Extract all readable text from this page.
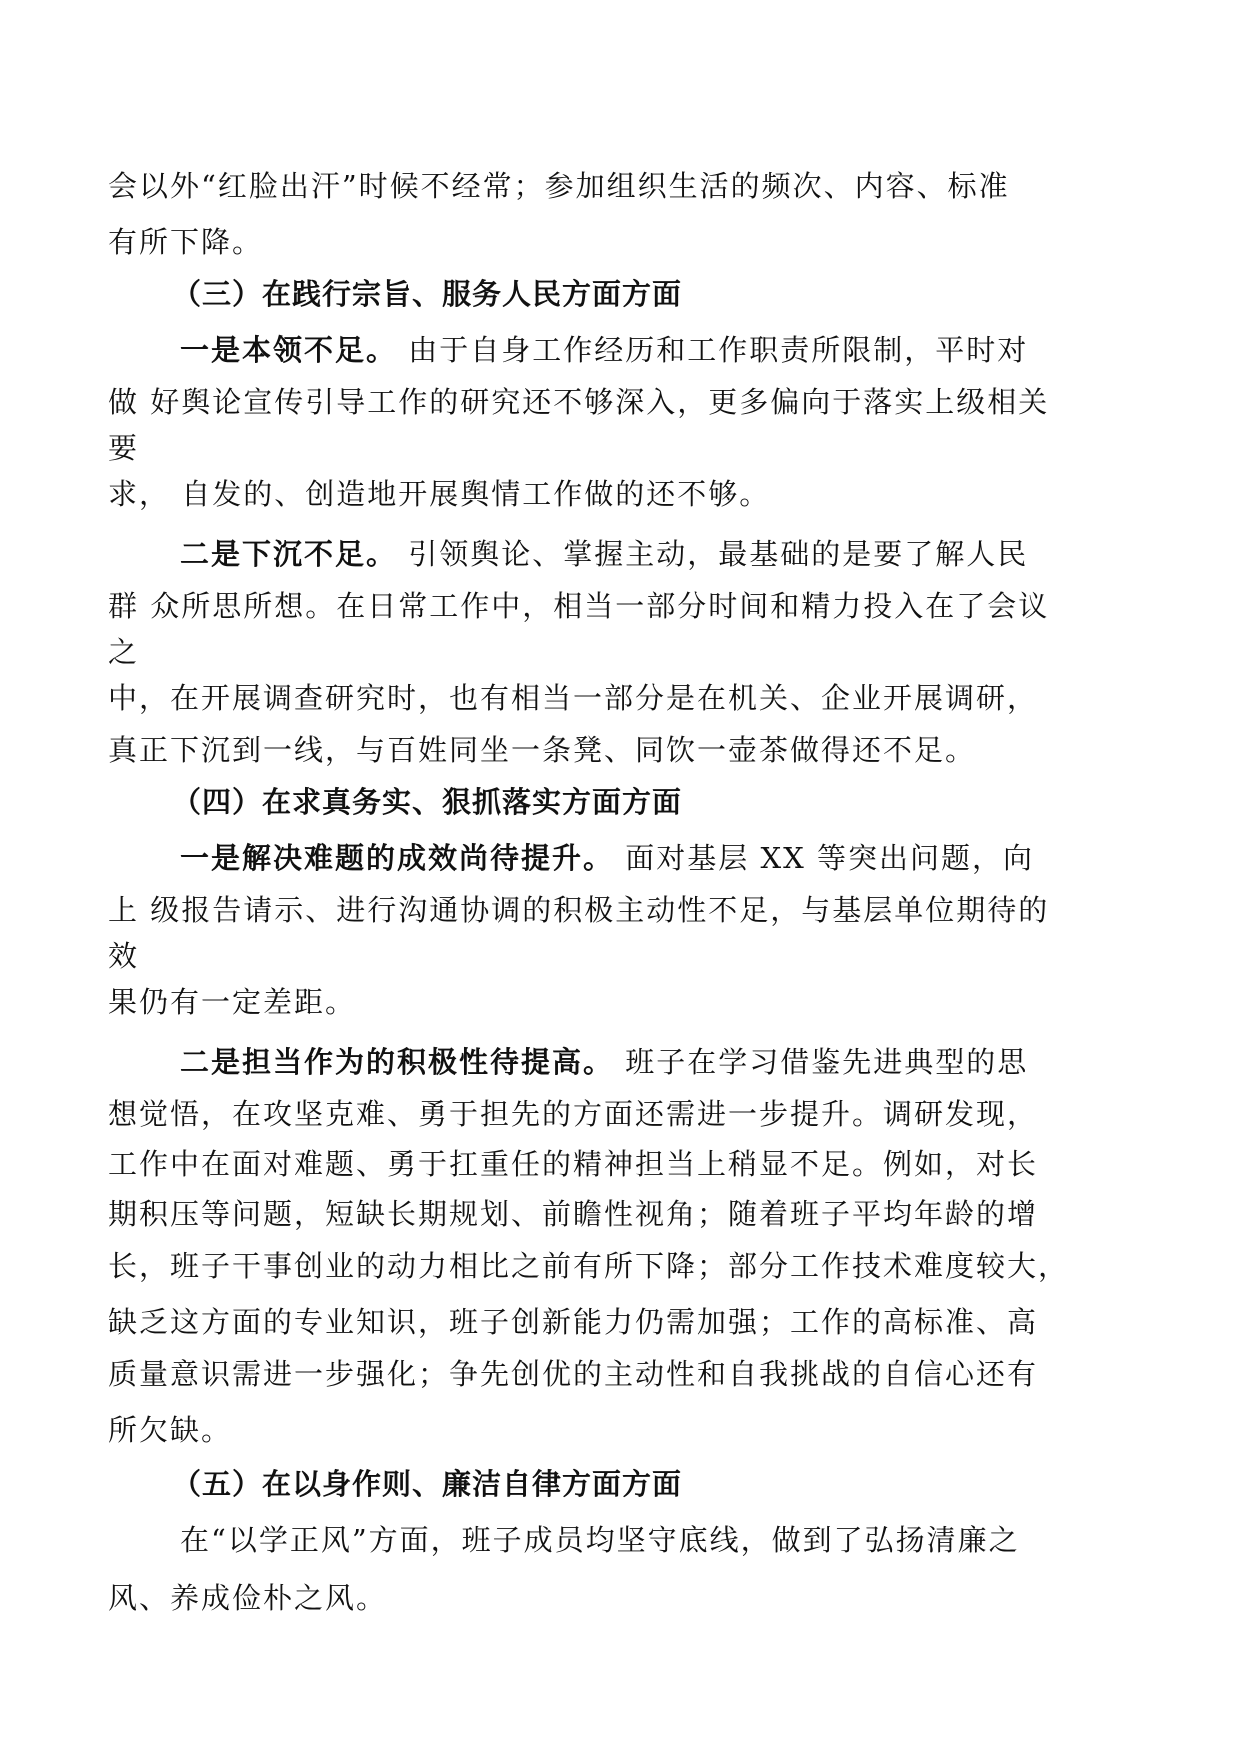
会以外“红脸出汗”时候不经常；参加组织生活的频次、内容、标准

有所下降。

（三）在践行宗旨、服务人民方面方面

一是本领不足。 由于自身工作经历和工作职责所限制，平时对

做 好舆论宣传引导工作的研究还不够深入，更多偏向于落实上级相关

要

求， 自发的、创造地开展舆情工作做的还不够。

二是下沉不足。 引领舆论、掌握主动，最基础的是要了解人民

群 众所思所想。在日常工作中，相当一部分时间和精力投入在了会议

之

中，在开展调查研究时，也有相当一部分是在机关、企业开展调研，

真正下沉到一线，与百姓同坐一条凳、同饮一壶茶做得还不足。

（四）在求真务实、狠抓落实方面方面

一是解决难题的成效尚待提升。 面对基层 XX 等突出问题，向

上 级报告请示、进行沟通协调的积极主动性不足，与基层单位期待的

效

果仍有一定差距。

二是担当作为的积极性待提高。 班子在学习借鉴先进典型的思

想觉悟，在攻坚克难、勇于担先的方面还需进一步提升。调研发现，

工作中在面对难题、勇于扛重任的精神担当上稍显不足。例如，对长

期积压等问题，短缺长期规划、前瞻性视角；随着班子平均年龄的增

长，班子干事创业的动力相比之前有所下降；部分工作技术难度较大，

缺乏这方面的专业知识，班子创新能力仍需加强；工作的高标准、高

质量意识需进一步强化；争先创优的主动性和自我挑战的自信心还有

所欠缺。

（五）在以身作则、廉洁自律方面方面

在“以学正风”方面，班子成员均坚守底线，做到了弘扬清廉之

风、养成俭朴之风。
